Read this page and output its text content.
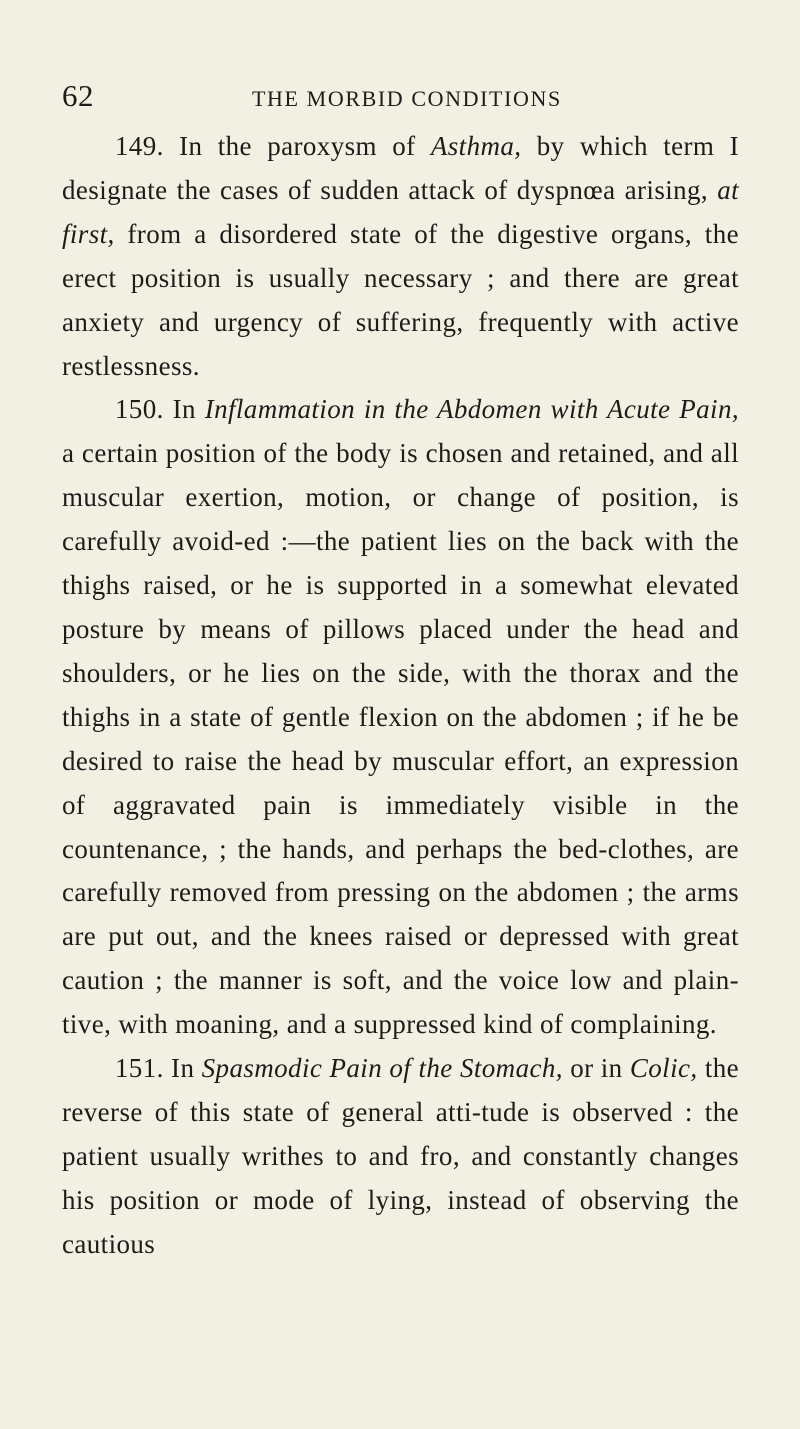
62	THE MORBID CONDITIONS

149. In the paroxysm of Asthma, by which term I designate the cases of sudden attack of dyspnœa arising, at first, from a disordered state of the digestive organs, the erect position is usually necessary ; and there are great anxiety and urgency of suffering, frequently with active restlessness.

150. In Inflammation in the Abdomen with Acute Pain, a certain position of the body is chosen and retained, and all muscular exertion, motion, or change of position, is carefully avoid-ed :—the patient lies on the back with the thighs raised, or he is supported in a somewhat elevated posture by means of pillows placed under the head and shoulders, or he lies on the side, with the thorax and the thighs in a state of gentle flexion on the abdomen ; if he be desired to raise the head by muscular effort, an expression of aggravated pain is immediately visible in the countenance, ; the hands, and perhaps the bed-clothes, are carefully removed from pressing on the abdomen ; the arms are put out, and the knees raised or depressed with great caution ; the manner is soft, and the voice low and plain-tive, with moaning, and a suppressed kind of complaining.

151. In Spasmodic Pain of the Stomach, or in Colic, the reverse of this state of general atti-tude is observed : the patient usually writhes to and fro, and constantly changes his position or mode of lying, instead of observing the cautious
